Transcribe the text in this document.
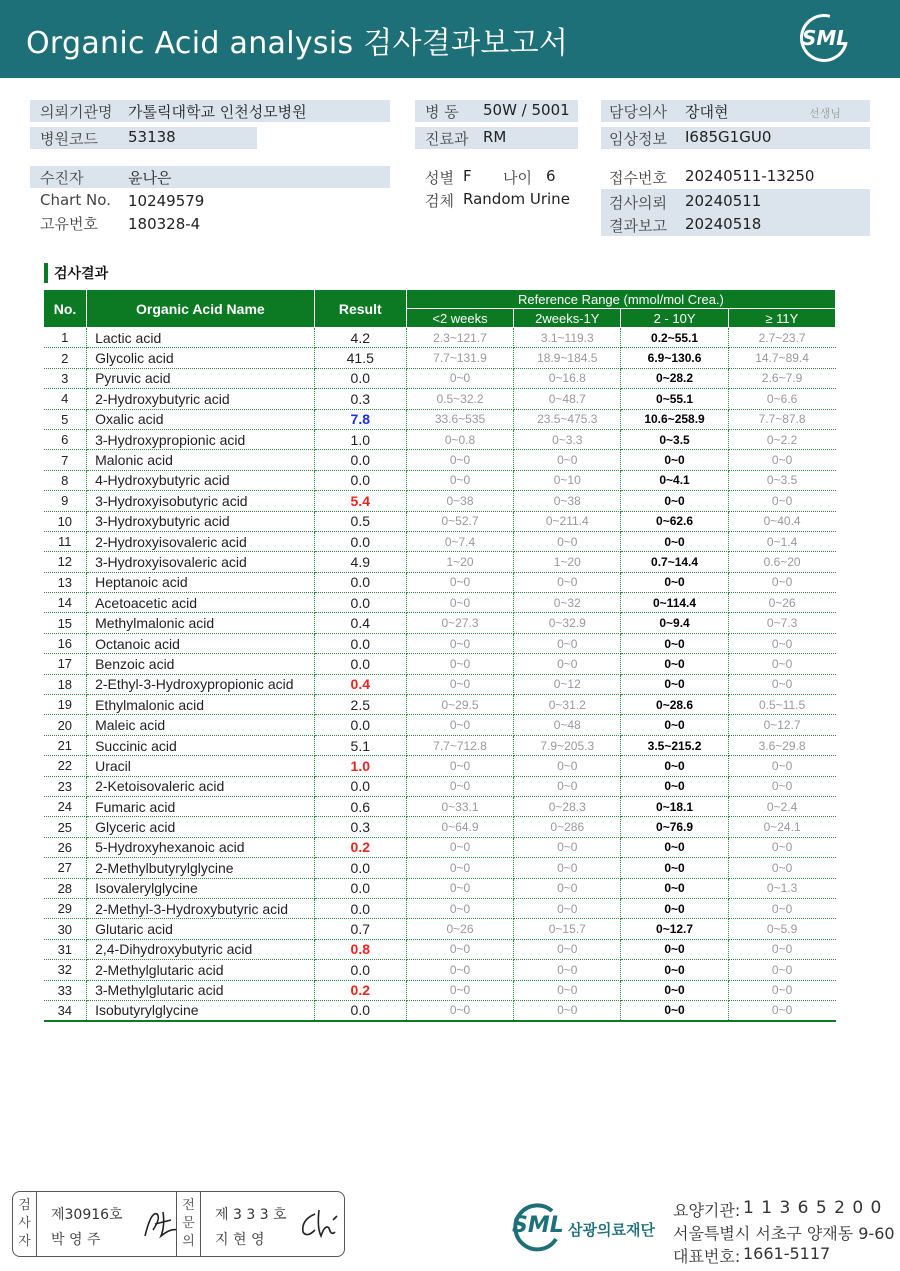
Organic Acid analysis 검사결과보고서	SML
의뢰기관명 가톨릭대학교 인천성모병원
병원코드 53138
병 동 50W / 5001
진료과 RM
담당의사 장대현	선생님
임상정보 I685G1GU0
수진자	윤나은
Chart No. 10249579
고유번호 180328-4
성별 F 나이 6
검체 Random Urine
접수번호 20240511-13250
검사의뢰 20240511
결과보고 20240518
검사결과
No.	Organic Acid Name	Result	Reference Range (mmol/mol Crea.)			
			<2 weeks	2weeks-1Y	2 - 10Y	≥ 11Y
1	Lactic acid	4.2	2.3~121.7	3.1~119.3	0.2~55.1	2.7~23.7
2	Glycolic acid	41.5	7.7~131.9	18.9~184.5	6.9~130.6	14.7~89.4
3	Pyruvic acid	0.0	0~0	0~16.8	0~28.2	2.6~7.9
4	2-Hydroxybutyric acid	0.3	0.5~32.2	0~48.7	0~55.1	0~6.6
5	Oxalic acid	7.8	33.6~535	23.5~475.3	10.6~258.9	7.7~87.8
6	3-Hydroxypropionic acid	1.0	0~0.8	0~3.3	0~3.5	0~2.2
7	Malonic acid	0.0	0~0	0~0	0~0	0~0
8	4-Hydroxybutyric acid	0.0	0~0	0~10	0~4.1	0~3.5
9	3-Hydroxyisobutyric acid	5.4	0~38	0~38	0~0	0~0
10	3-Hydroxybutyric acid	0.5	0~52.7	0~211.4	0~62.6	0~40.4
11	2-Hydroxyisovaleric acid	0.0	0~7.4	0~0	0~0	0~1.4
12	3-Hydroxyisovaleric acid	4.9	1~20	1~20	0.7~14.4	0.6~20
13	Heptanoic acid	0.0	0~0	0~0	0~0	0~0
14	Acetoacetic acid	0.0	0~0	0~32	0~114.4	0~26
15	Methylmalonic acid	0.4	0~27.3	0~32.9	0~9.4	0~7.3
16	Octanoic acid	0.0	0~0	0~0	0~0	0~0
17	Benzoic acid	0.0	0~0	0~0	0~0	0~0
18	2-Ethyl-3-Hydroxypropionic acid	0.4	0~0	0~12	0~0	0~0
19	Ethylmalonic acid	2.5	0~29.5	0~31.2	0~28.6	0.5~11.5
20	Maleic acid	0.0	0~0	0~48	0~0	0~12.7
21	Succinic acid	5.1	7.7~712.8	7.9~205.3	3.5~215.2	3.6~29.8
22	Uracil	1.0	0~0	0~0	0~0	0~0
23	2-Ketoisovaleric acid	0.0	0~0	0~0	0~0	0~0
24	Fumaric acid	0.6	0~33.1	0~28.3	0~18.1	0~2.4
25	Glyceric acid	0.3	0~64.9	0~286	0~76.9	0~24.1
26	5-Hydroxyhexanoic acid	0.2	0~0	0~0	0~0	0~0
27	2-Methylbutyrylglycine	0.0	0~0	0~0	0~0	0~0
28	Isovalerylglycine	0.0	0~0	0~0	0~0	0~1.3
29	2-Methyl-3-Hydroxybutyric acid	0.0	0~0	0~0	0~0	0~0
30	Glutaric acid	0.7	0~26	0~15.7	0~12.7	0~5.9
31	2,4-Dihydroxybutyric acid	0.8	0~0	0~0	0~0	0~0
32	2-Methylglutaric acid	0.0	0~0	0~0	0~0	0~0
33	3-Methylglutaric acid	0.2	0~0	0~0	0~0	0~0
34	Isobutyrylglycine	0.0	0~0	0~0	0~0	0~0
검
사
자
제30916호
박 영 주
전
문
의
제 3 3 3 호
지 현 영
SML 삼광의료재단
요양기관: 1 1 3 6 5 2 0 0
서울특별시 서초구 양재동 9-60
대표번호: 1661-5117
